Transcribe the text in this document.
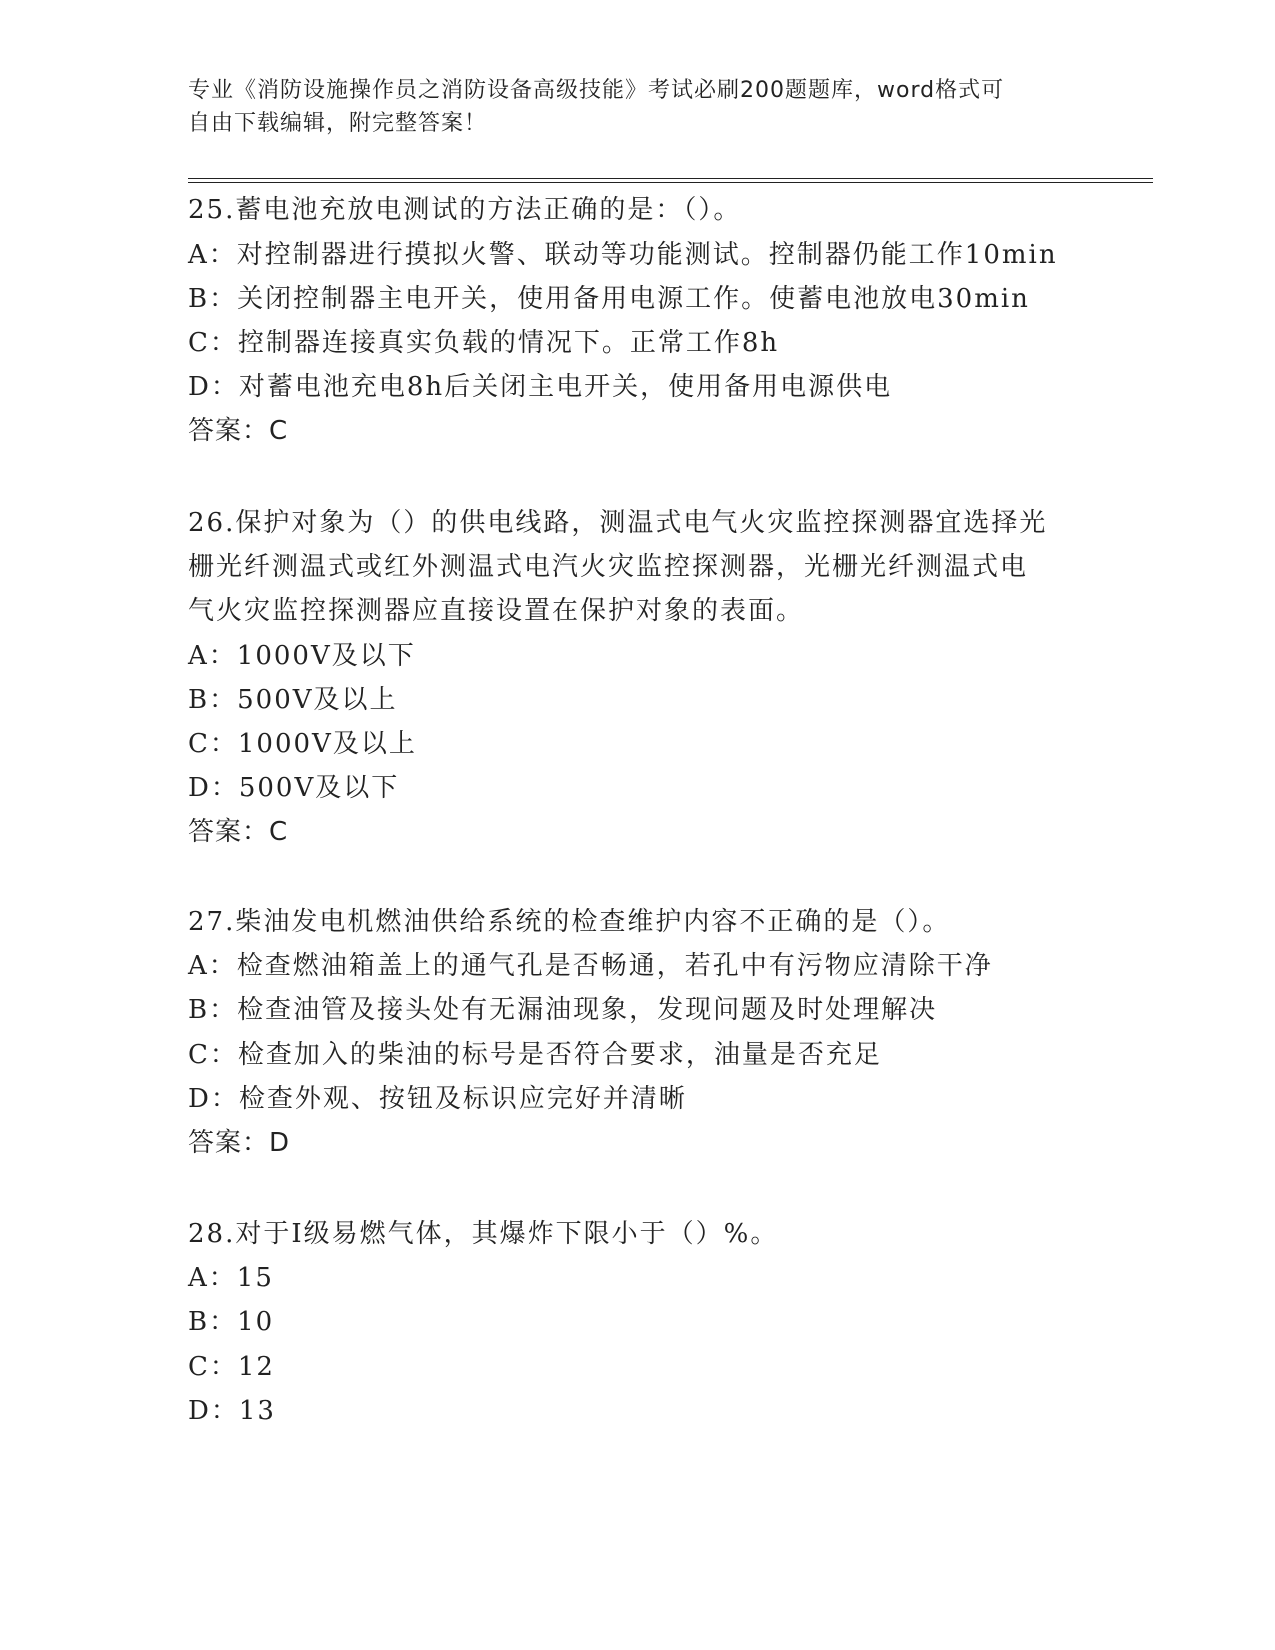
专业《消防设施操作员之消防设备高级技能》考试必刷200题题库，word格式可
自由下载编辑，附完整答案！
25.蓄电池充放电测试的方法正确的是：（）。
A：对控制器进行摸拟火警、联动等功能测试。控制器仍能工作10min
B：关闭控制器主电开关，使用备用电源工作。使蓄电池放电30min
C：控制器连接真实负载的情况下。正常工作8h
D：对蓄电池充电8h后关闭主电开关，使用备用电源供电
答案：C
26.保护对象为（）的供电线路，测温式电气火灾监控探测器宜选择光
栅光纤测温式或红外测温式电汽火灾监控探测器，光栅光纤测温式电
气火灾监控探测器应直接设置在保护对象的表面。
A：1000V及以下
B：500V及以上
C：1000V及以上
D：500V及以下
答案：C
27.柴油发电机燃油供给系统的检查维护内容不正确的是（）。
A：检查燃油箱盖上的通气孔是否畅通，若孔中有污物应清除干净
B：检查油管及接头处有无漏油现象，发现问题及时处理解决
C：检查加入的柴油的标号是否符合要求，油量是否充足
D：检查外观、按钮及标识应完好并清晰
答案：D
28.对于Ⅰ级易燃气体，其爆炸下限小于（）%。
A：15
B：10
C：12
D：13
